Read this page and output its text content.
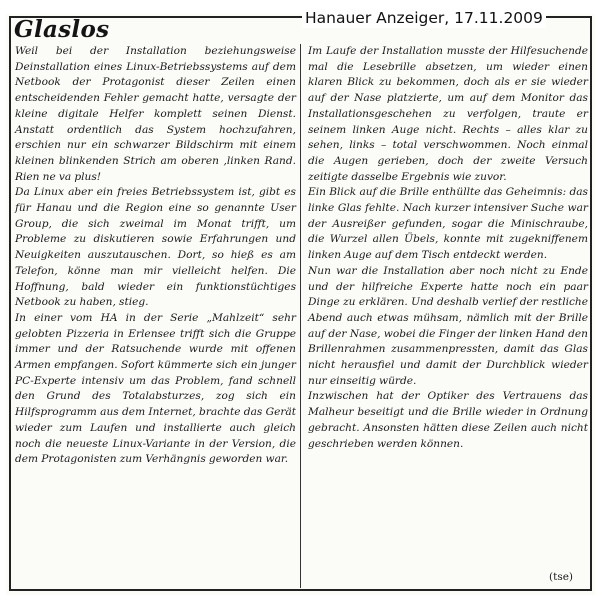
Glaslos	Hanauer Anzeiger, 17.11.2009

Weil bei der Installation beziehungsweise Deinstallation eines Linux-Betriebssystems auf dem Netbook der Protagonist dieser Zeilen einen entscheidenden Fehler gemacht hatte, versagte der kleine digitale Helfer komplett seinen Dienst. Anstatt ordentlich das System hochzufahren, erschien nur ein schwarzer Bildschirm mit einem kleinen blinkenden Strich am oberen ,linken Rand. Rien ne va plus!

Da Linux aber ein freies Betriebssystem ist, gibt es für Hanau und die Region eine so genannte User Group, die sich zweimal im Monat trifft, um Probleme zu diskutieren sowie Erfahrungen und Neuigkeiten auszutauschen. Dort, so hieß es am Telefon, könne man mir vielleicht helfen. Die Hoffnung, bald wieder ein funktionstüchtiges Netbook zu haben, stieg.

In einer vom HA in der Serie „Mahlzeit“ sehr gelobten Pizzeria in Erlensee trifft sich die Gruppe immer und der Ratsuchende wurde mit offenen Armen empfangen. Sofort kümmerte sich ein junger PC-Experte intensiv um das Problem, fand schnell den Grund des Totalabsturzes, zog sich ein Hilfsprogramm aus dem Internet, brachte das Gerät wieder zum Laufen und installierte auch gleich noch die neueste Linux-Variante in der Version, die dem Protagonisten zum Verhängnis geworden war.

Im Laufe der Installation musste der Hilfesuchende mal die Lesebrille absetzen, um wieder einen klaren Blick zu bekommen, doch als er sie wieder auf der Nase platzierte, um auf dem Monitor das Installationsgeschehen zu verfolgen, traute er seinem linken Auge nicht. Rechts – alles klar zu sehen, links – total verschwommen. Noch einmal die Augen gerieben, doch der zweite Versuch zeitigte dasselbe Ergebnis wie zuvor.

Ein Blick auf die Brille enthüllte das Geheimnis: das linke Glas fehlte. Nach kurzer intensiver Suche war der Ausreißer gefunden, sogar die Minischraube, die Wurzel allen Übels, konnte mit zugekniffenem linken Auge auf dem Tisch entdeckt werden.

Nun war die Installation aber noch nicht zu Ende und der hilfreiche Experte hatte noch ein paar Dinge zu erklären. Und deshalb verlief der restliche Abend auch etwas mühsam, nämlich mit der Brille auf der Nase, wobei die Finger der linken Hand den Brillenrahmen zusammenpressten, damit das Glas nicht herausfiel und damit der Durchblick wieder nur einseitig würde.

Inzwischen hat der Optiker des Vertrauens das Malheur beseitigt und die Brille wieder in Ordnung gebracht. Ansonsten hätten diese Zeilen auch nicht geschrieben werden können.

(tse)
